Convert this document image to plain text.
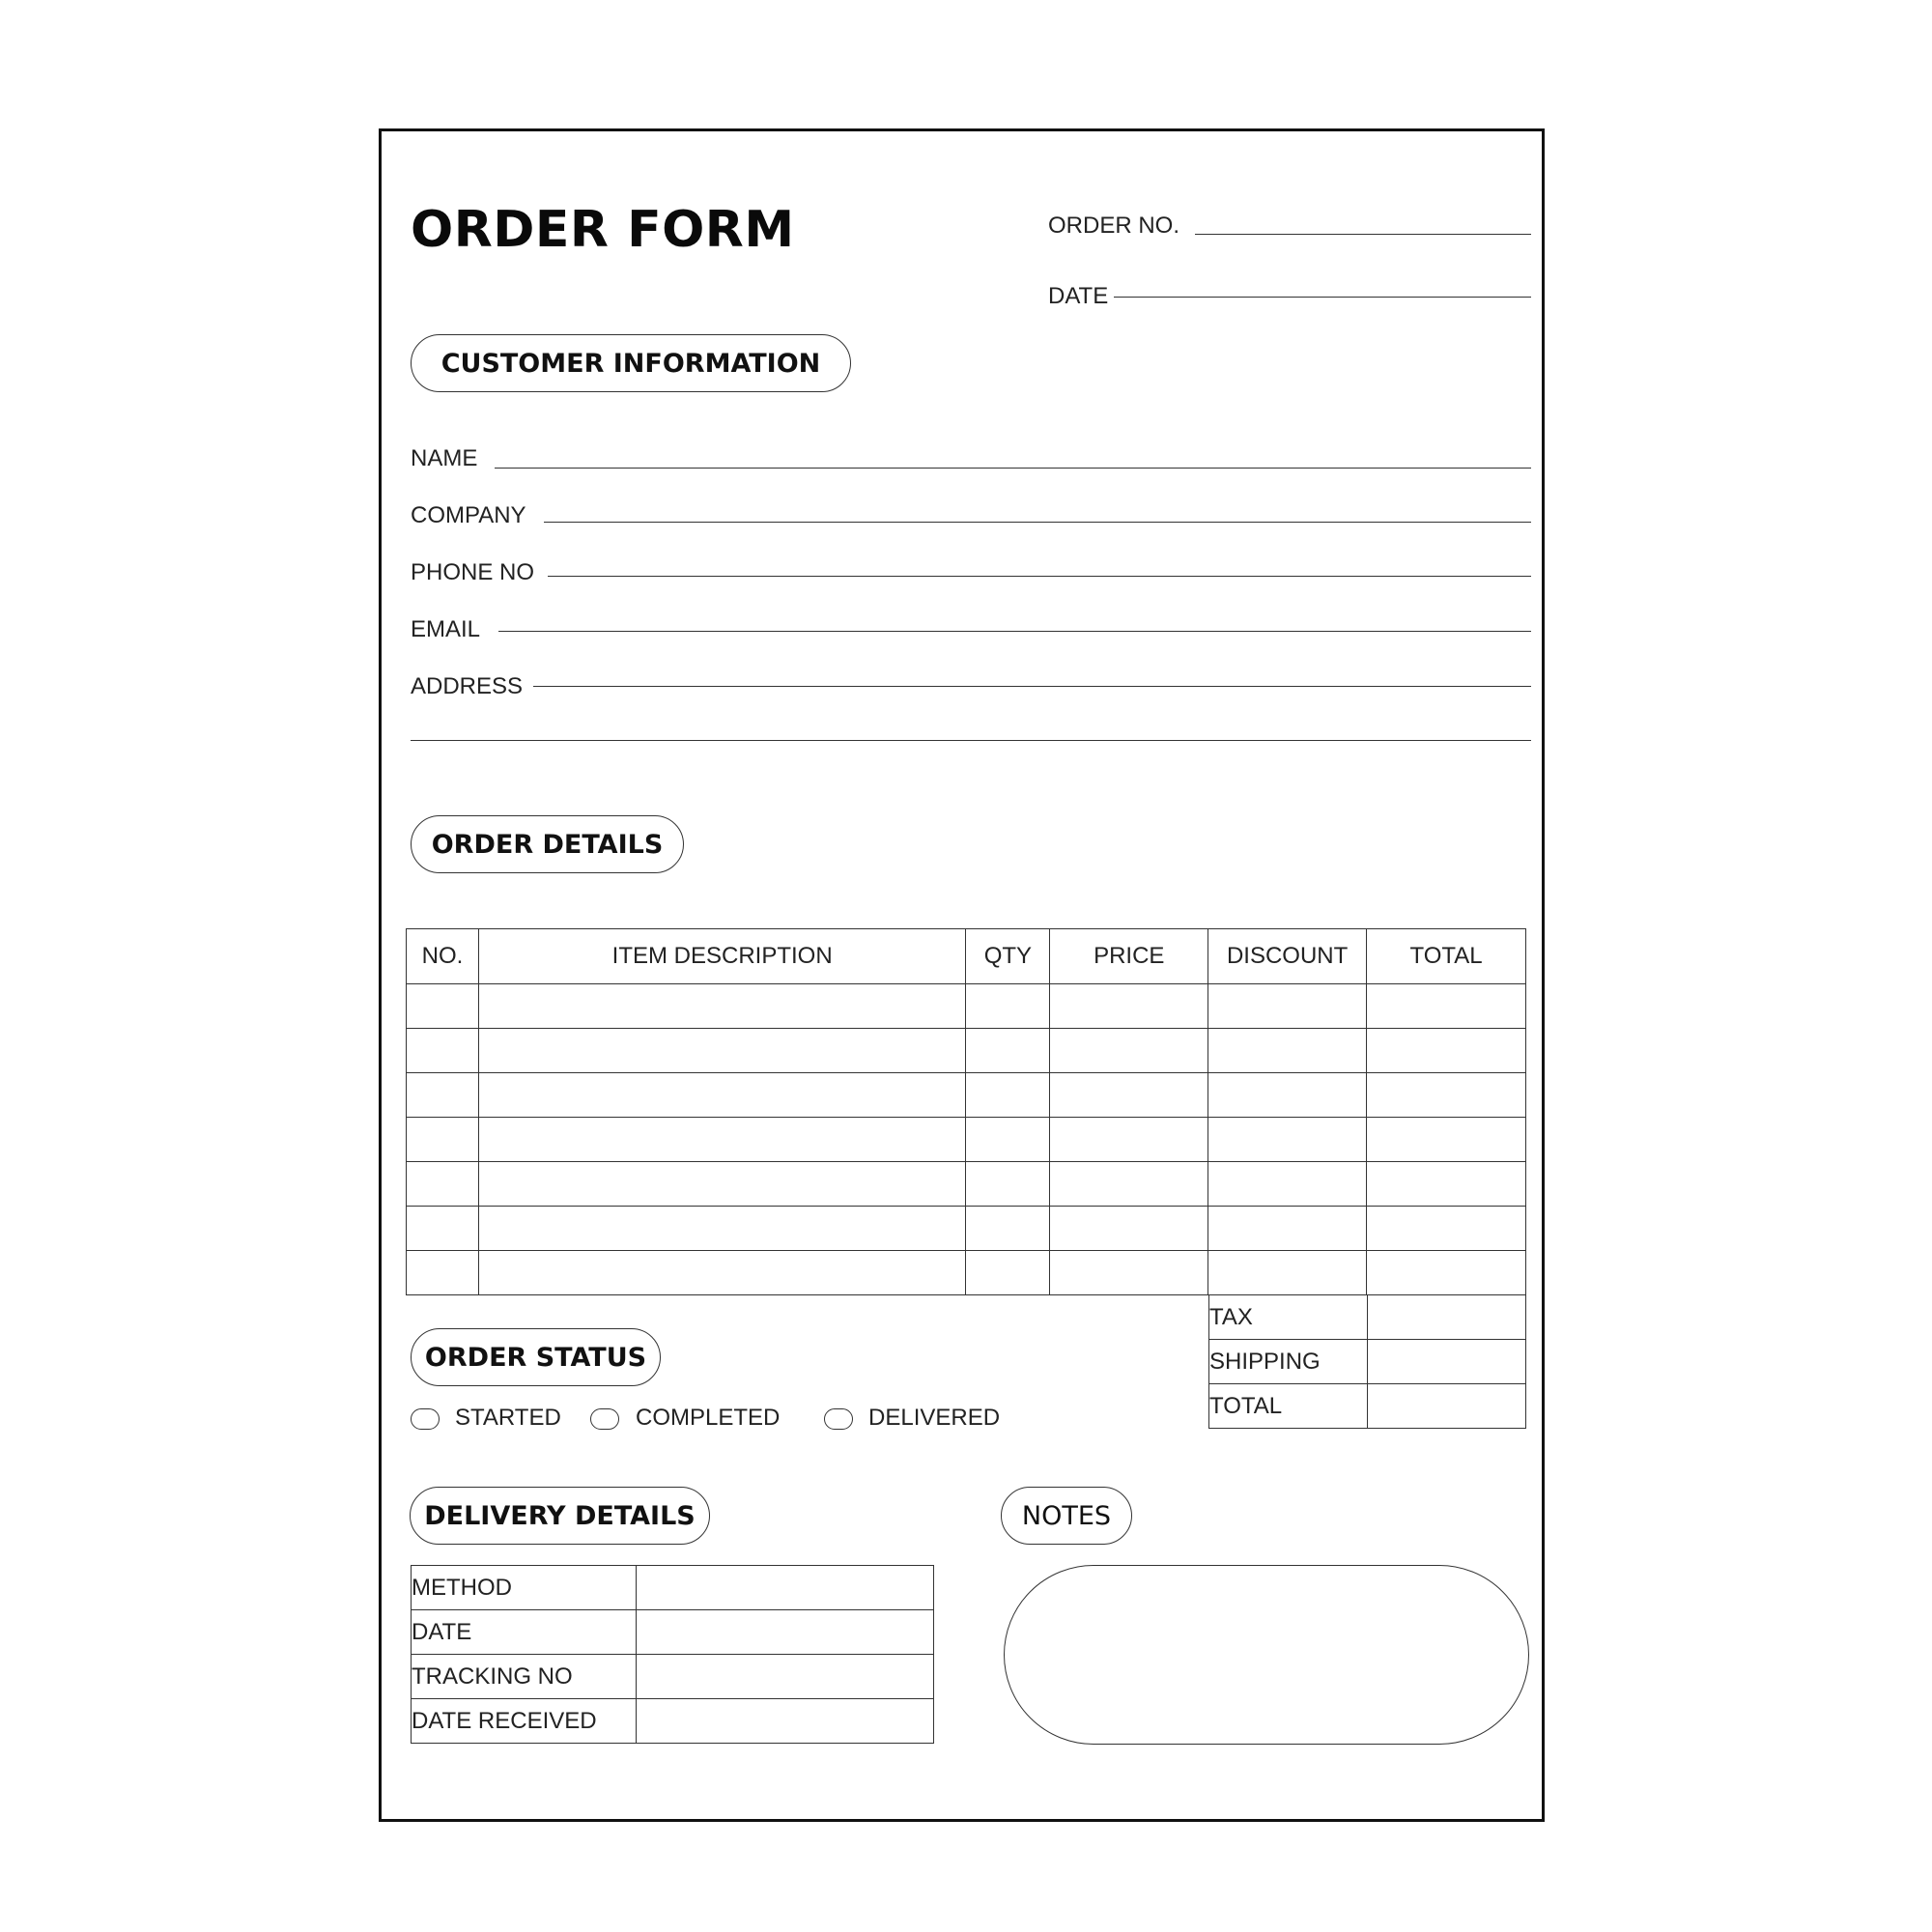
ORDER FORM	ORDER NO.
DATE
CUSTOMER INFORMATION
NAME
COMPANY
PHONE NO
EMAIL
ADDRESS
ORDER DETAILS
NO.	ITEM DESCRIPTION	QTY	PRICE	DISCOUNT	TOTAL

TAX	
SHIPPING	
TOTAL	
ORDER STATUS
STARTED	COMPLETED	DELIVERED
DELIVERY DETAILS
METHOD	
DATE	
TRACKING NO	
DATE RECEIVED	
NOTES
